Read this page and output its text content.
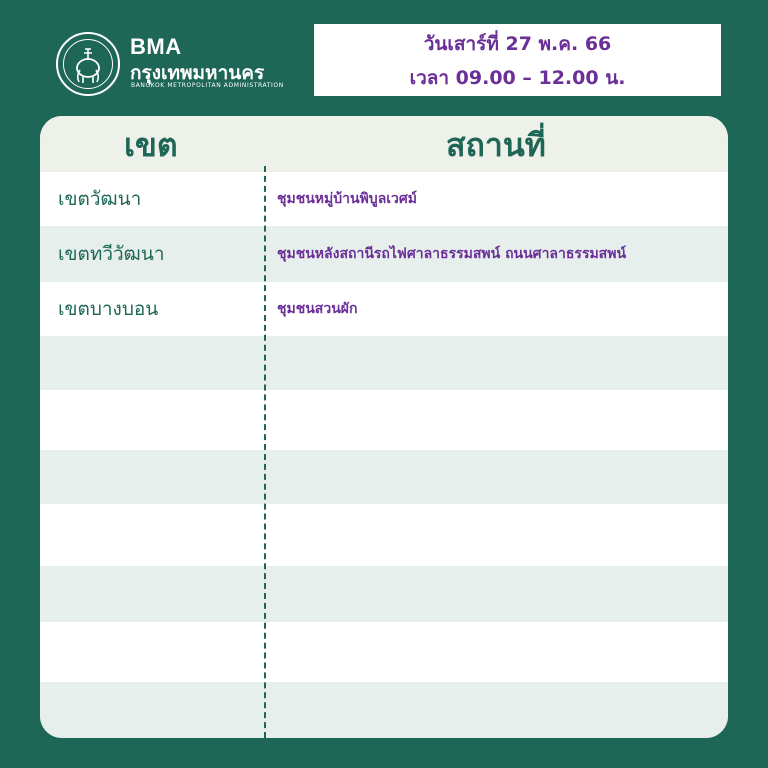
BMA
กรุงเทพมหานคร
BANGKOK METROPOLITAN ADMINISTRATION
วันเสาร์ที่ 27 พ.ค. 66
เวลา 09.00 – 12.00 น.
เขต	สถานที่
เขตวัฒนา	ชุมชนหมู่บ้านพิบูลเวศม์
เขตทวีวัฒนา	ชุมชนหลังสถานีรถไฟศาลาธรรมสพน์ ถนนศาลาธรรมสพน์
เขตบางบอน	ชุมชนสวนผัก
